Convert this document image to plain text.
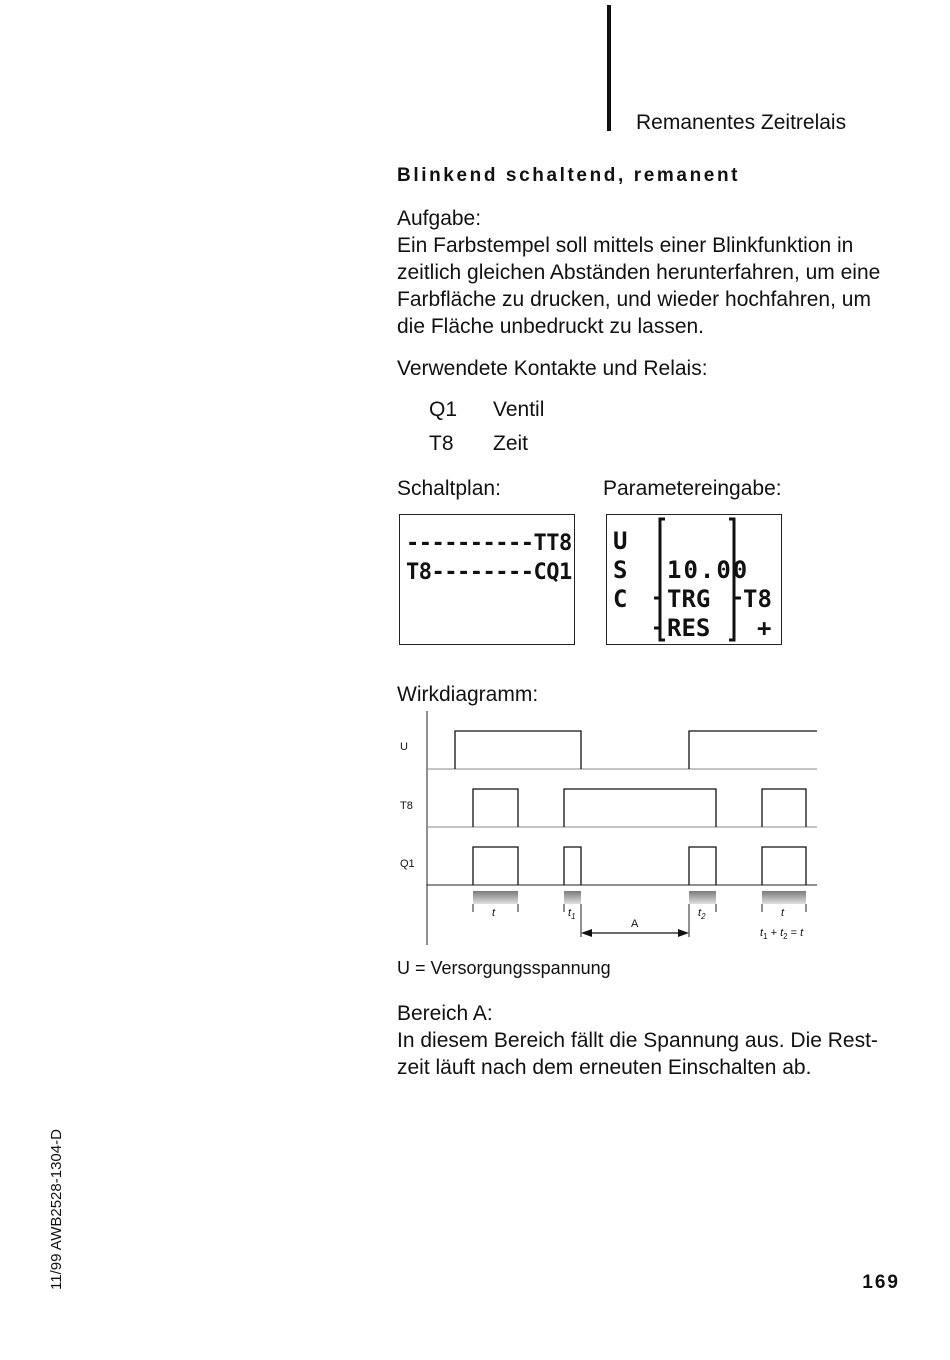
Remanentes Zeitrelais
Blinkend schaltend, remanent
Aufgabe:
Ein Farbstempel soll mittels einer Blinkfunktion in
zeitlich gleichen Abständen herunterfahren, um eine
Farbfläche zu drucken, und wieder hochfahren, um
die Fläche unbedruckt zu lassen.
Verwendete Kontakte und Relais:
Q1 Ventil
T8 Zeit
Schaltplan:	Parametereingabe:
----------TT8
T8--------CQ1
U
S
C
10.00
TRG
RES
T8
+
Wirkdiagramm:
U
T8
Q1
t	$t_1$
A
$t_2$	t
$t_1 + t_2 = t$
U = Versorgungsspannung
Bereich A:
In diesem Bereich fällt die Spannung aus. Die Rest-
zeit läuft nach dem erneuten Einschalten ab.
11/99 AWB2528-1304-D	169
